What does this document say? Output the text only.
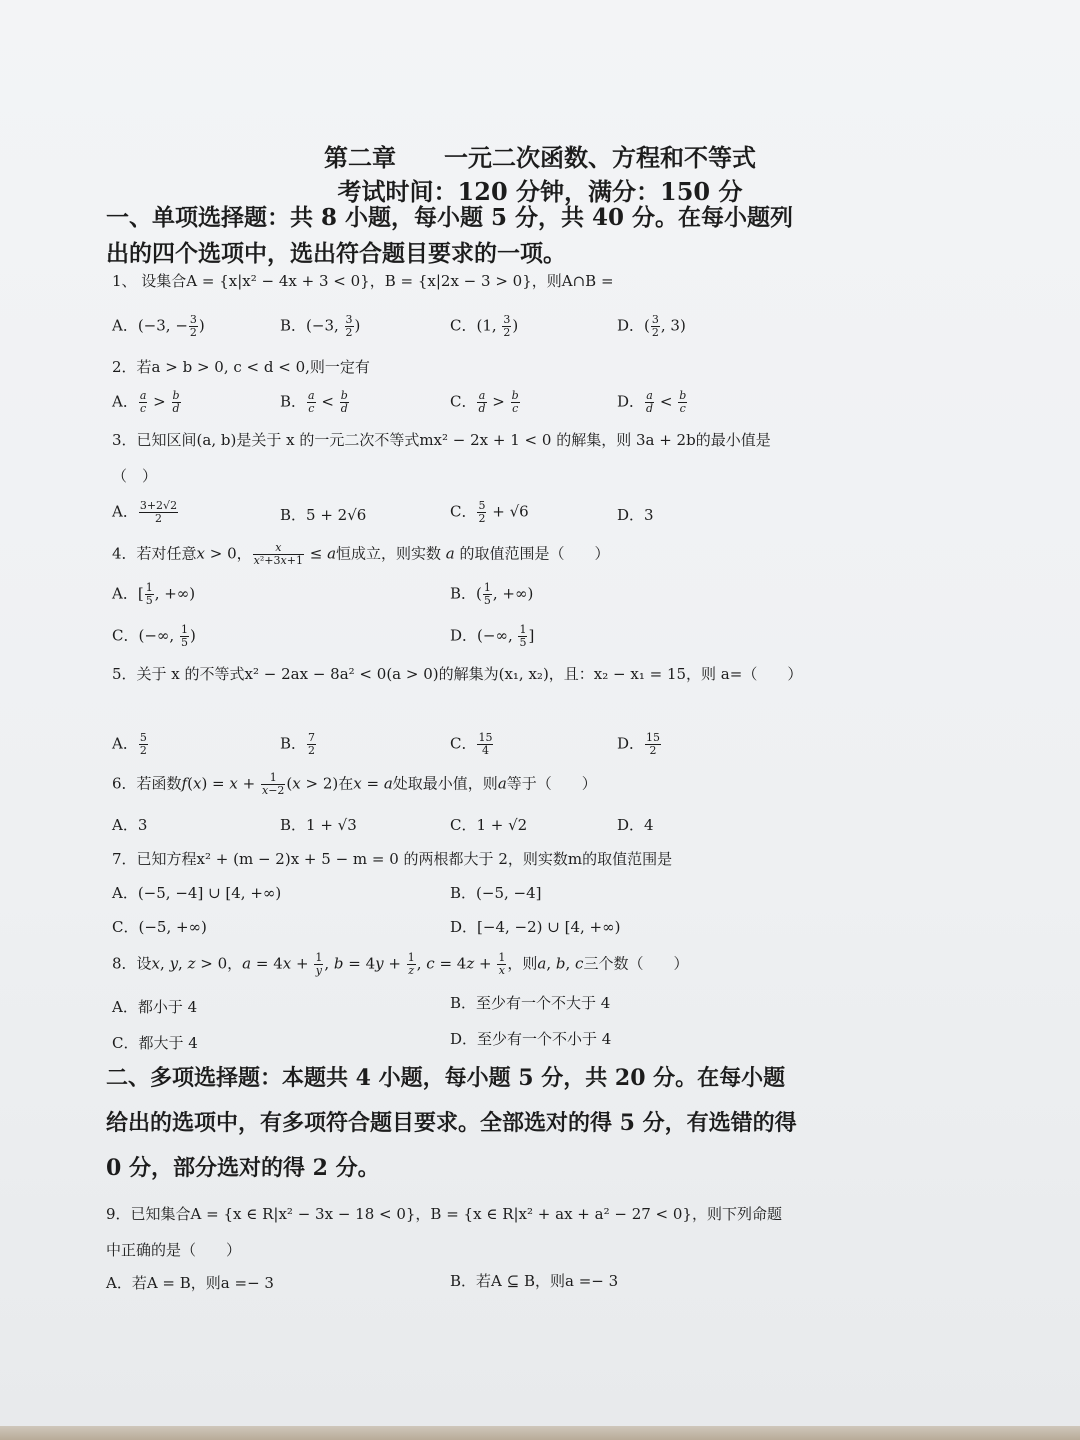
第二章　　一元二次函数、方程和不等式
考试时间：120 分钟，满分：150 分
一、单项选择题：共 8 小题，每小题 5 分，共 40 分。在每小题列出的四个选项中，选出符合题目要求的一项。
1、 设集合A = {x|x² − 4x + 3 < 0}，B = {x|2x − 3 > 0}，则A∩B =
A．(−3, − $\frac{3}{2}$ )	B．(−3, $\frac{3}{2}$ )	C．(1, $\frac{3}{2}$ )	D．( $\frac{3}{2}$ , 3)
2．若a > b > 0, c < d < 0,则一定有
A． $\frac{a}{c} > \frac{b}{d}$	B． $\frac{a}{c} < \frac{b}{d}$	C． $\frac{a}{d} > \frac{b}{c}$	D． $\frac{a}{d} < \frac{b}{c}$
3．已知区间(a, b)是关于 x 的一元二次不等式mx² − 2x + 1 < 0 的解集，则 3a + 2b的最小值是（　）
A． $\frac{3+2√2}{2}$	B．5 + 2√6	C． $\frac{5}{2} + √6$	D．3
4．若对任意x > 0， $\frac{x}{\text{x²+3x+1}} \le a$恒成立，则实数 a 的取值范围是（　　）
A．[ $\frac{1}{5}$ , +∞)	B．( $\frac{1}{5}$ , +∞)
C．(−∞, $\frac{1}{5}$ )	D．(−∞, $\frac{1}{5}$ ]
5．关于 x 的不等式x² − 2ax − 8a² < 0(a > 0)的解集为(x₁, x₂)，且：x₂ − x₁ = 15，则 a=（　　）
A． $\frac{5}{2}$	B． $\frac{7}{2}$	C． $\frac{15}{4}$	D． $\frac{15}{2}$
6．若函数$f(x) = x + \frac{1}{x-2} (x > 2)$在x = a处取最小值，则a等于（　　）
A．3	B．1 + √3	C．1 + √2	D．4
7．已知方程x² + (m − 2)x + 5 − m = 0 的两根都大于 2，则实数m的取值范围是
A．(−5, −4] ∪ [4, +∞)	B．(−5, −4]
C．(−5, +∞)	D．[−4, −2) ∪ [4, +∞)
8．设x, y, z > 0，$a = 4x + \frac{1}{y}$ , $b = 4y + \frac{1}{z}$ , $c = 4z + \frac{1}{x}$ ，则a, b, c三个数（　　）
A．都小于 4	B．至少有一个不大于 4
C．都大于 4	D．至少有一个不小于 4
二、多项选择题：本题共 4 小题，每小题 5 分，共 20 分。在每小题给出的选项中，有多项符合题目要求。全部选对的得 5 分，有选错的得 0 分，部分选对的得 2 分。
9．已知集合A = {x ∈ R|x² − 3x − 18 < 0}，B = {x ∈ R|x² + ax + a² − 27 < 0}，则下列命题中正确的是（　　）
A．若A = B，则a =− 3	B．若A ⊆ B，则a =− 3
